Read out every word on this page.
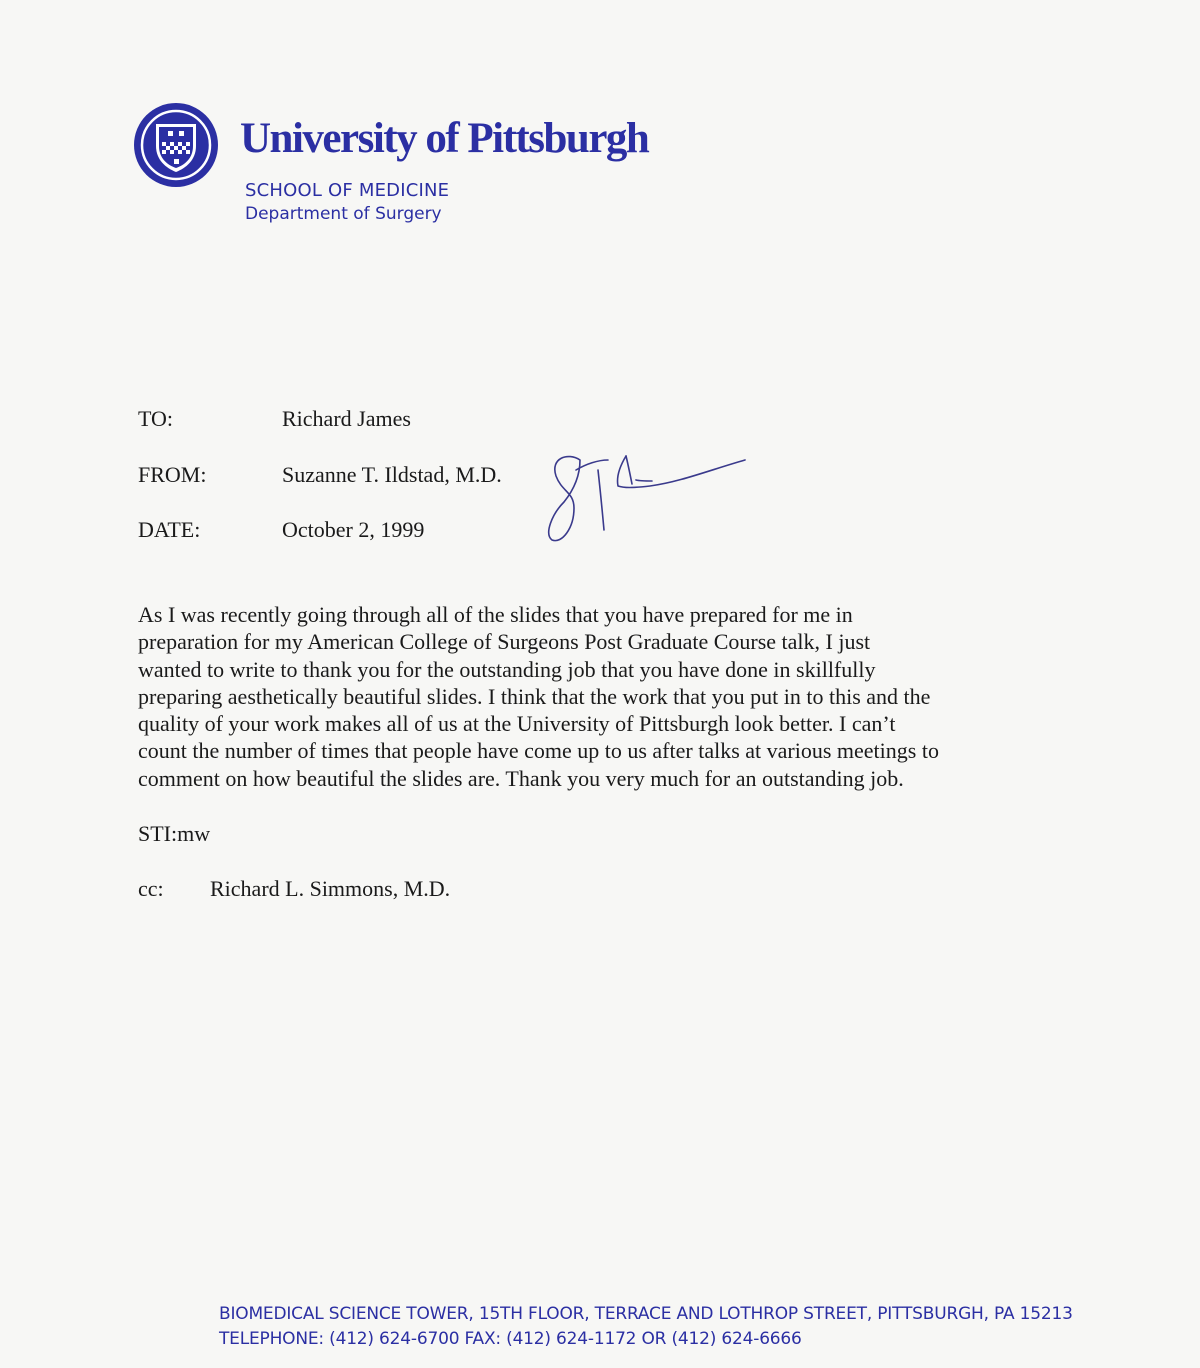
University of Pittsburgh
SCHOOL OF MEDICINE
Department of Surgery
TO:	Richard James
FROM:	Suzanne T. Ildstad, M.D.
DATE:	October 2, 1999

As I was recently going through all of the slides that you have prepared for me in
preparation for my American College of Surgeons Post Graduate Course talk, I just
wanted to write to thank you for the outstanding job that you have done in skillfully
preparing aesthetically beautiful slides. I think that the work that you put in to this and the
quality of your work makes all of us at the University of Pittsburgh look better. I can’t
count the number of times that people have come up to us after talks at various meetings to
comment on how beautiful the slides are. Thank you very much for an outstanding job.

STI:mw
cc: Richard L. Simmons, M.D.
BIOMEDICAL SCIENCE TOWER, 15TH FLOOR, TERRACE AND LOTHROP STREET, PITTSBURGH, PA 15213
TELEPHONE: (412) 624-6700 FAX: (412) 624-1172 OR (412) 624-6666
